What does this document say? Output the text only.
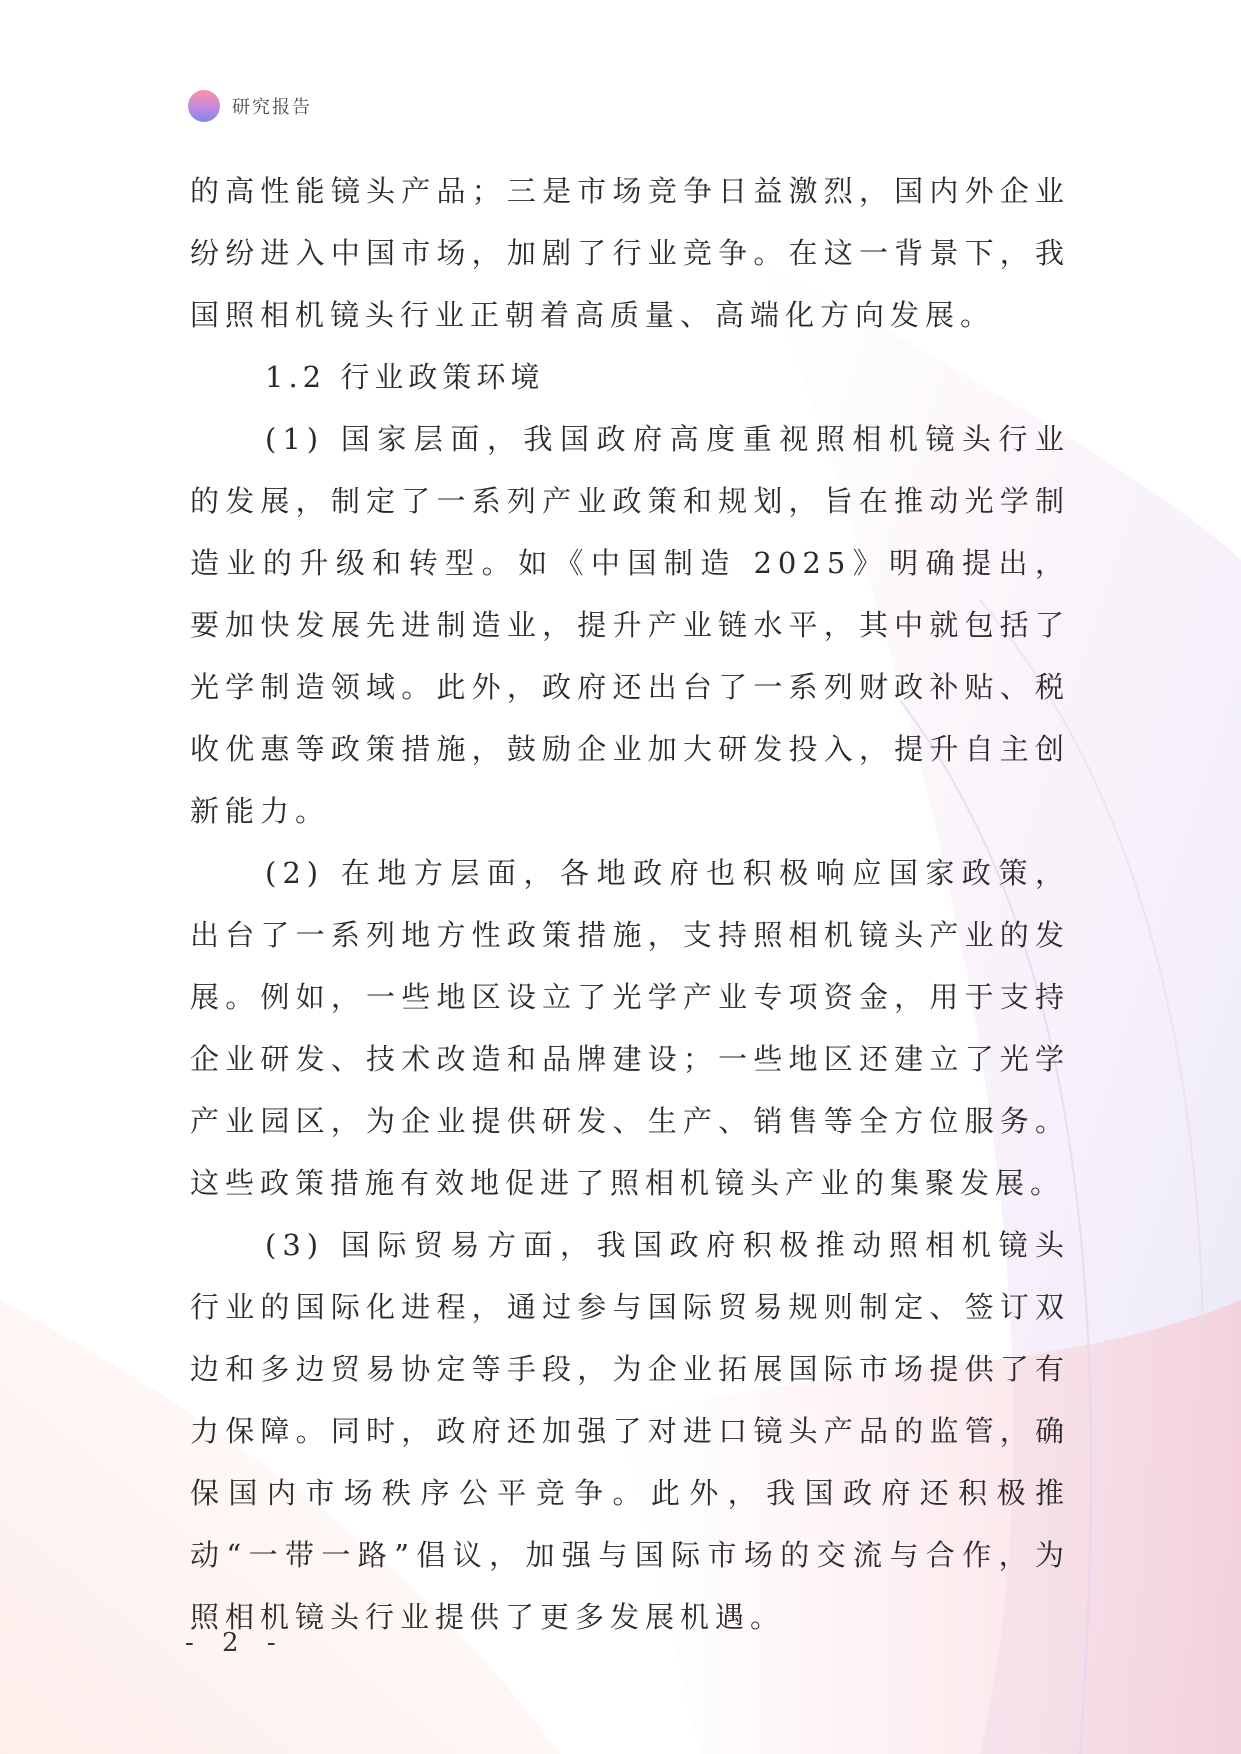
研究报告

的高性能镜头产品；三是市场竞争日益激烈，国内外企业纷纷进入中国市场，加剧了行业竞争。在这一背景下，我国照相机镜头行业正朝着高质量、高端化方向发展。

1.2 行业政策环境

(1) 国家层面，我国政府高度重视照相机镜头行业的发展，制定了一系列产业政策和规划，旨在推动光学制造业的升级和转型。如《中国制造 2025》明确提出，要加快发展先进制造业，提升产业链水平，其中就包括了光学制造领域。此外，政府还出台了一系列财政补贴、税收优惠等政策措施，鼓励企业加大研发投入，提升自主创新能力。

(2) 在地方层面，各地政府也积极响应国家政策，出台了一系列地方性政策措施，支持照相机镜头产业的发展。例如，一些地区设立了光学产业专项资金，用于支持企业研发、技术改造和品牌建设；一些地区还建立了光学产业园区，为企业提供研发、生产、销售等全方位服务。这些政策措施有效地促进了照相机镜头产业的集聚发展。

(3) 国际贸易方面，我国政府积极推动照相机镜头行业的国际化进程，通过参与国际贸易规则制定、签订双边和多边贸易协定等手段，为企业拓展国际市场提供了有力保障。同时，政府还加强了对进口镜头产品的监管，确保国内市场秩序公平竞争。此外，我国政府还积极推动“一带一路”倡议，加强与国际市场的交流与合作，为照相机镜头行业提供了更多发展机遇。

- 2 -
